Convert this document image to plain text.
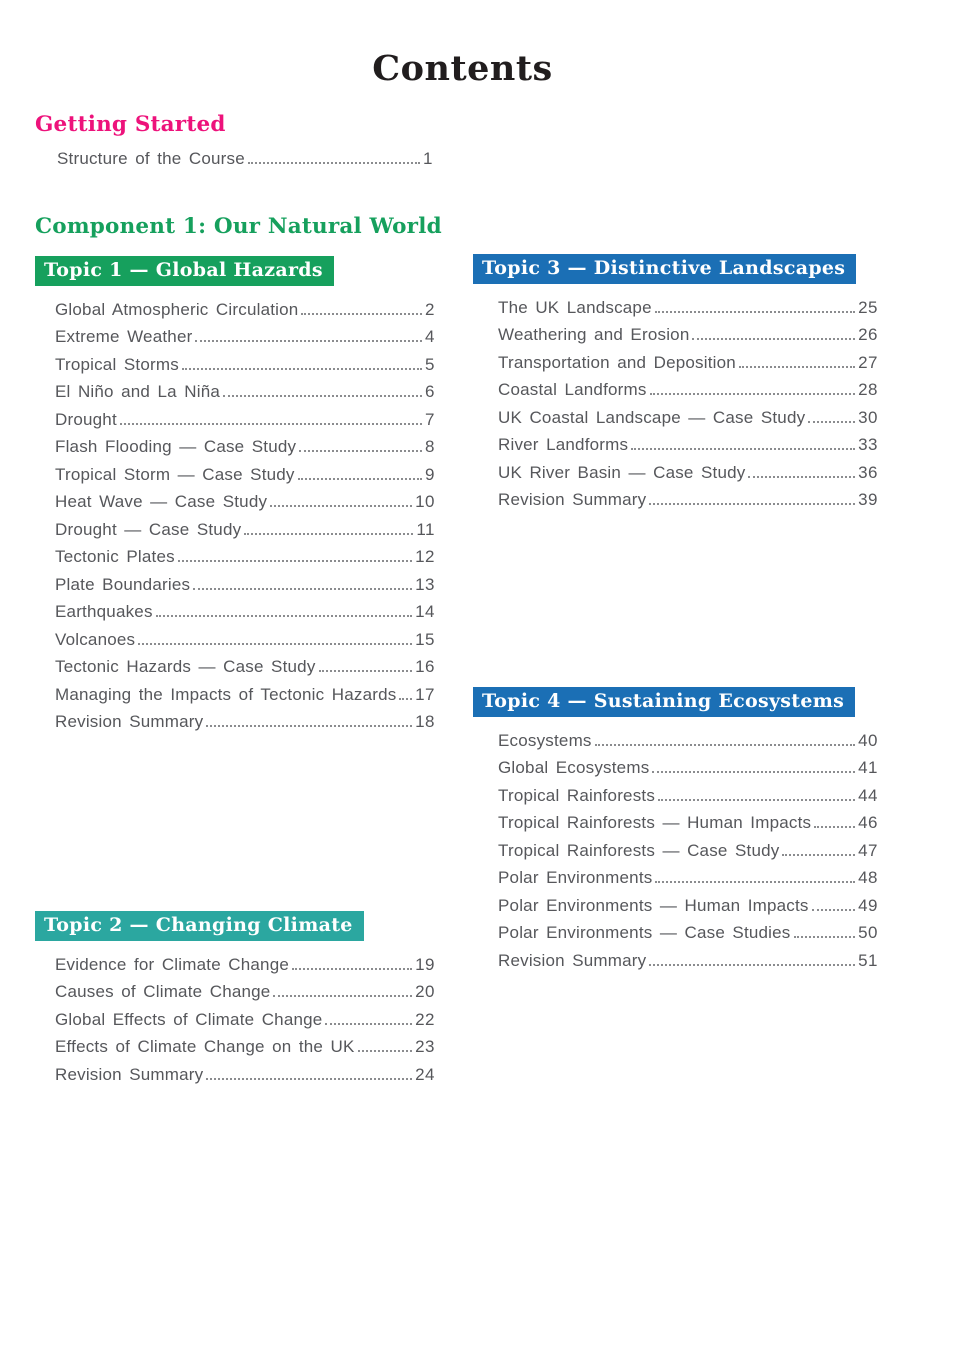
Contents
Getting Started
Structure of the Course	1
Component 1: Our Natural World
Topic 1 — Global Hazards
Global Atmospheric Circulation	2
Extreme Weather	4
Tropical Storms	5
El Niño and La Niña	6
Drought	7
Flash Flooding — Case Study	8
Tropical Storm — Case Study	9
Heat Wave — Case Study	10
Drought — Case Study	11
Tectonic Plates	12
Plate Boundaries	13
Earthquakes	14
Volcanoes	15
Tectonic Hazards — Case Study	16
Managing the Impacts of Tectonic Hazards 17
Revision Summary	18
Topic 2 — Changing Climate
Evidence for Climate Change	19
Causes of Climate Change	20
Global Effects of Climate Change	22
Effects of Climate Change on the UK	23
Revision Summary	24
Topic 3 — Distinctive Landscapes
The UK Landscape	25
Weathering and Erosion	26
Transportation and Deposition	27
Coastal Landforms	28
UK Coastal Landscape — Case Study	30
River Landforms	33
UK River Basin — Case Study	36
Revision Summary	39
Topic 4 — Sustaining Ecosystems
Ecosystems	40
Global Ecosystems	41
Tropical Rainforests	44
Tropical Rainforests — Human Impacts	46
Tropical Rainforests — Case Study	47
Polar Environments	48
Polar Environments — Human Impacts	49
Polar Environments — Case Studies	50
Revision Summary	51
